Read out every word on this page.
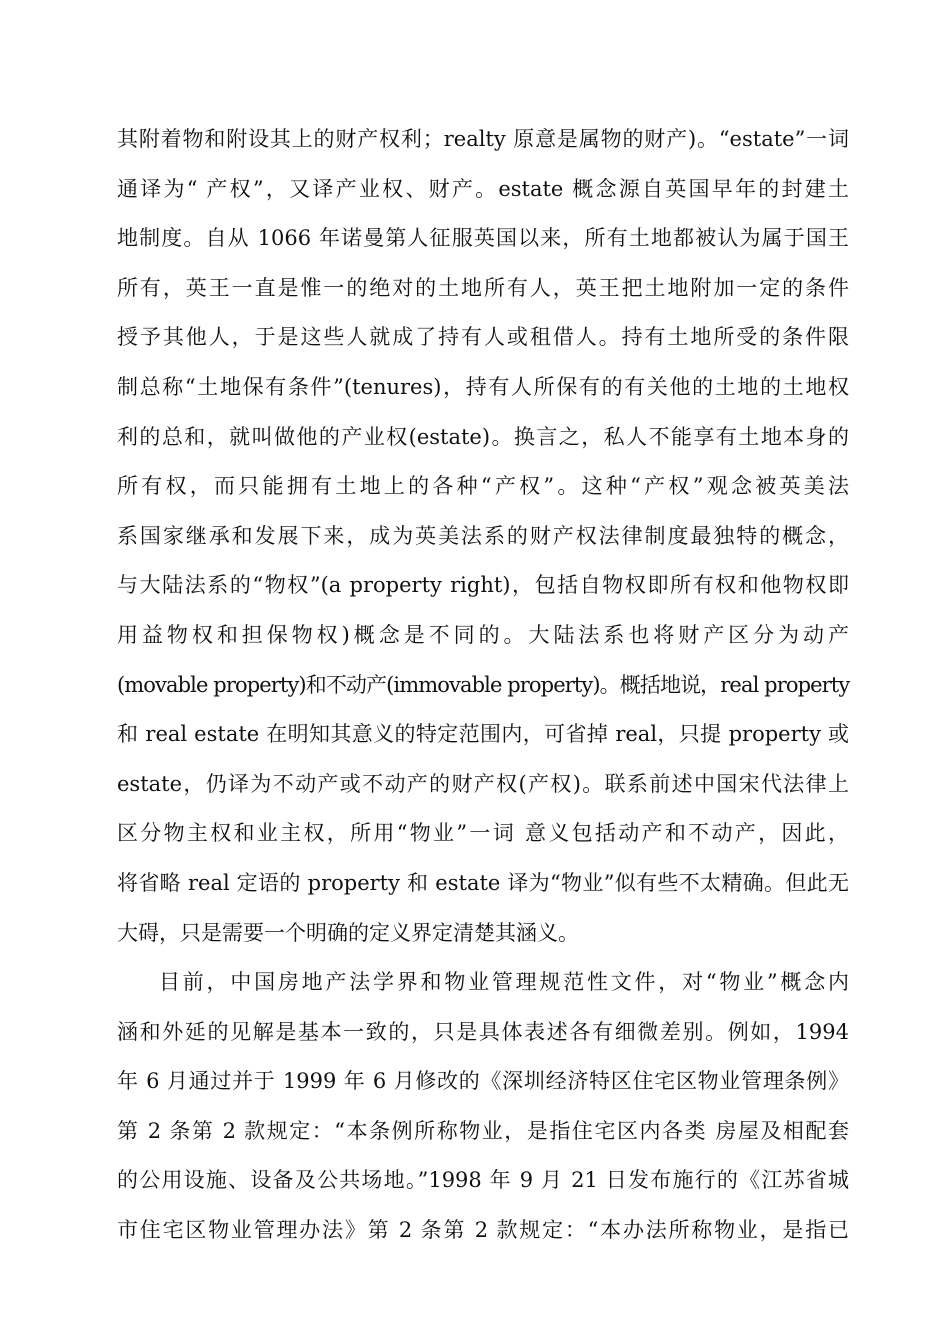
其附着物和附设其上的财产权利；realty 原意是属物的财产)。“estate”一词
通译为“ 产权”，又译产业权、财产。estate 概念源自英国早年的封建土
地制度。自从 1066 年诺曼第人征服英国以来，所有土地都被认为属于国王
所有，英王一直是惟一的绝对的土地所有人，英王把土地附加一定的条件
授予其他人，于是这些人就成了持有人或租借人。持有土地所受的条件限
制总称“土地保有条件”(tenures)，持有人所保有的有关他的土地的土地权
利的总和，就叫做他的产业权(estate)。换言之，私人不能享有土地本身的
所有权，而只能拥有土地上的各种“产权”。这种“产权”观念被英美法
系国家继承和发展下来，成为英美法系的财产权法律制度最独特的概念，
与大陆法系的“物权”(a property right)，包括自物权即所有权和他物权即
用益物权和担保物权)概念是不同的。大陆法系也将财产区分为动产
(movable property)和不动产(immovable property)。概括地说，real property
和 real estate 在明知其意义的特定范围内，可省掉 real，只提 property 或
estate，仍译为不动产或不动产的财产权(产权)。联系前述中国宋代法律上
区分物主权和业主权，所用“物业”一词 意义包括动产和不动产，因此，
将省略 real 定语的 property 和 estate 译为“物业”似有些不太精确。但此无
大碍，只是需要一个明确的定义界定清楚其涵义。
目前，中国房地产法学界和物业管理规范性文件，对“物业”概念内
涵和外延的见解是基本一致的，只是具体表述各有细微差别。例如，1994
年 6 月通过并于 1999 年 6 月修改的《深圳经济特区住宅区物业管理条例》
第 2 条第 2 款规定：“本条例所称物业，是指住宅区内各类 房屋及相配套
的公用设施、设备及公共场地。”1998 年 9 月 21 日发布施行的《江苏省城
市住宅区物业管理办法》第 2 条第 2 款规定：“本办法所称物业，是指已
